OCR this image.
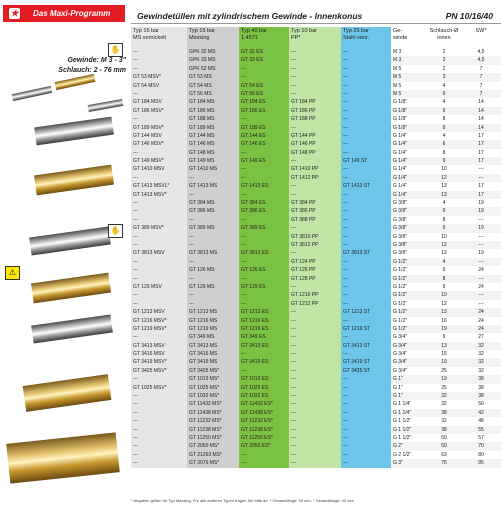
★ Das Maxi-Programm
Gewinde: M 3 - 3"
Schlauch: 2 - 76 mm
⚠
✋
✋
Gewindetüllen mit zylindrischem Gewinde - Innenkonus	PN 10/16/40
Typ 16 bar
MS vernickelt
Typ 16 bar
Messing
Typ 40 bar
1.4571
Typ 10 bar
PP*
Typ 25 bar
Stahl verz.
Ge-
winde
Schlauch-Ø
innen
SW*
---	GPK 32 MS	GT 32 ES	---	---	M 3	2	4,5
---	GPK 33 MS	GT 33 ES	---	---	M 3	3	4,5
---	GPK 52 MS	---	---	---	M 5	2	7
GT 53 MSV*	GT 53 MS	---	---	---	M 5	3	7
GT 54 MSV	GT 54 MS	GT 54 ES	---	---	M 5	4	7
---	GT 56 MS	GT 56 ES	---	---	M 5	6	7
GT 184 MSV	GT 184 MS	GT 184 ES	GT 184 PP	---	G 1/8"	4	14
GT 186 MSV*	GT 186 MS	GT 186 ES	GT 186 PP	---	G 1/8"	6	14
---	GT 188 MS	---	GT 188 PP	---	G 1/8"	8	14
GT 189 MSV*	GT 189 MS	GT 189 ES	---	---	G 1/8"	9	14
GT 144 MSV	GT 144 MS	GT 144 ES	GT 144 PP	---	G 1/4"	4	17
GT 146 MSV*	GT 146 MS	GT 146 ES	GT 146 PP	---	G 1/4"	6	17
---	GT 148 MS	---	GT 148 PP	---	G 1/4"	8	17
GT 149 MSV*	GT 149 MS	GT 149 ES	---	GT 149 ST	G 1/4"	9	17
GT 1410 MSV	GT 1410 MS	---	GT 1410 PP	---	G 1/4"	10	---
---	---	---	GT 1412 PP	---	G 1/4"	12	---
GT 1413 MSVL*	GT 1413 MS	GT 1413 ES	---	GT 1413 ST	G 1/4"	13	17
GT 1413 MSV*	---	---	---	---	G 1/4"	13	17
---	GT 384 MS	GT 384 ES	GT 384 PP	---	G 3/8"	4	19
---	GT 386 MS	GT 386 ES	GT 386 PP	---	G 3/8"	6	19
---	---	---	GT 388 PP	---	G 3/8"	8	---
GT 389 MSV*	GT 389 MS	GT 389 ES	---	---	G 3/8"	9	19
---	---	---	GT 3810 PP	---	G 3/8"	10	---
---	---	---	GT 3812 PP	---	G 3/8"	12	---
GT 3813 MSV	GT 3813 MS	GT 3813 ES	---	GT 3813 ST	G 3/8"	13	19
---	---	---	GT 124 PP	---	G 1/2"	4	---
---	GT 126 MS	GT 126 ES	GT 126 PP	---	G 1/2"	6	24
---	---	---	GT 128 PP	---	G 1/2"	8	---
GT 129 MSV	GT 129 MS	GT 129 ES	---	---	G 1/2"	9	24
---	---	---	GT 1210 PP	---	G 1/2"	10	---
---	---	---	GT 1212 PP	---	G 1/2"	12	---
GT 1213 MSV	GT 1213 MS	GT 1213 ES	---	GT 1213 ST	G 1/2"	13	24
GT 1216 MSV*	GT 1216 MS	GT 1216 ES	---	---	G 1/2"	16	24
GT 1219 MSV*	GT 1219 MS	GT 1219 ES	---	GT 1219 ST	G 1/2"	19	24
---	GT 349 MS	GT 349 ES	---	---	G 3/4"	9	27
GT 3413 MSV	GT 3413 MS	GT 3413 ES	---	GT 3413 ST	G 3/4"	13	32
GT 3416 MSV	GT 3416 MS	---	---	---	G 3/4"	16	32
GT 3419 MSV*	GT 3419 MS	GT 3419 ES	---	GT 3419 ST	G 3/4"	19	32
GT 3425 MSV*	GT 3425 MS*	---	---	GT 3425 ST	G 3/4"	25	32
---	GT 1019 MS*	GT 1019 ES	---	---	G 1"	19	38
GT 1025 MSV*	GT 1025 MS*	GT 1025 ES	---	---	G 1"	25	38
---	GT 1032 MS*	GT 1032 ES	---	---	G 1"	32	38
---	GT 11432 MS*	GT 11432 ES*	---	---	G 1 1/4"	32	50
---	GT 11438 MS*	GT 11438 ES*	---	---	G 1 1/4"	38	42
---	GT 11232 MS*	GT 11232 ES*	---	---	G 1 1/2"	32	48
---	GT 11238 MS*	GT 11238 ES*	---	---	G 1 1/2"	38	55
---	GT 11250 MS*	GT 11250 ES*	---	---	G 1 1/2"	50	57
---	GT 2050 MS*	GT 2050 ES*	---	---	G 2"	50	70
---	GT 21263 MS*	---	---	---	G 2 1/2"	63	80
---	GT 3076 MS*	---	---	---	G 3"	76	95
* Angaben gelten für Typ Messing. Für alle anderen Typen fragen Sie bitte an. * Gesamtlänge: 33 mm, * Gesamtlänge: 42 mm
